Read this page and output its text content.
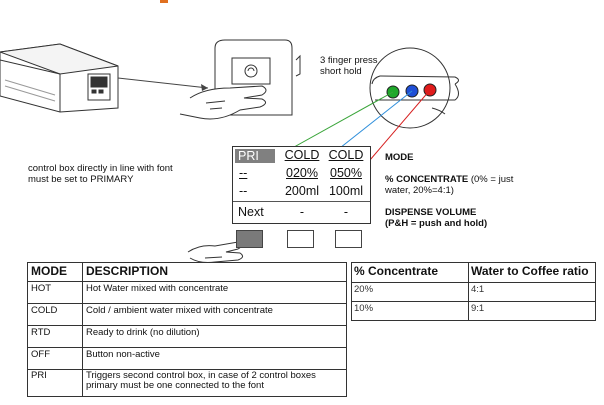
3 finger press
short hold
control box directly in line with font
must be set to PRIMARY
MODE
% CONCENTRATE (0% = just
water, 20%=4:1)
DISPENSE VOLUME
(P&H = push and hold)
PRI	COLD COLD
--	020% 050%
--	200ml 100ml
Next	-	-
MODE	DESCRIPTION
HOT	Hot Water mixed with concentrate
COLD	Cold / ambient water mixed with concentrate
RTD	Ready to drink (no dilution)
OFF	Button non-active
PRI	Triggers second control box, in case of 2 control boxes
primary must be one connected to the font
% Concentrate	Water to Coffee ratio
20%	4:1
10%	9:1
